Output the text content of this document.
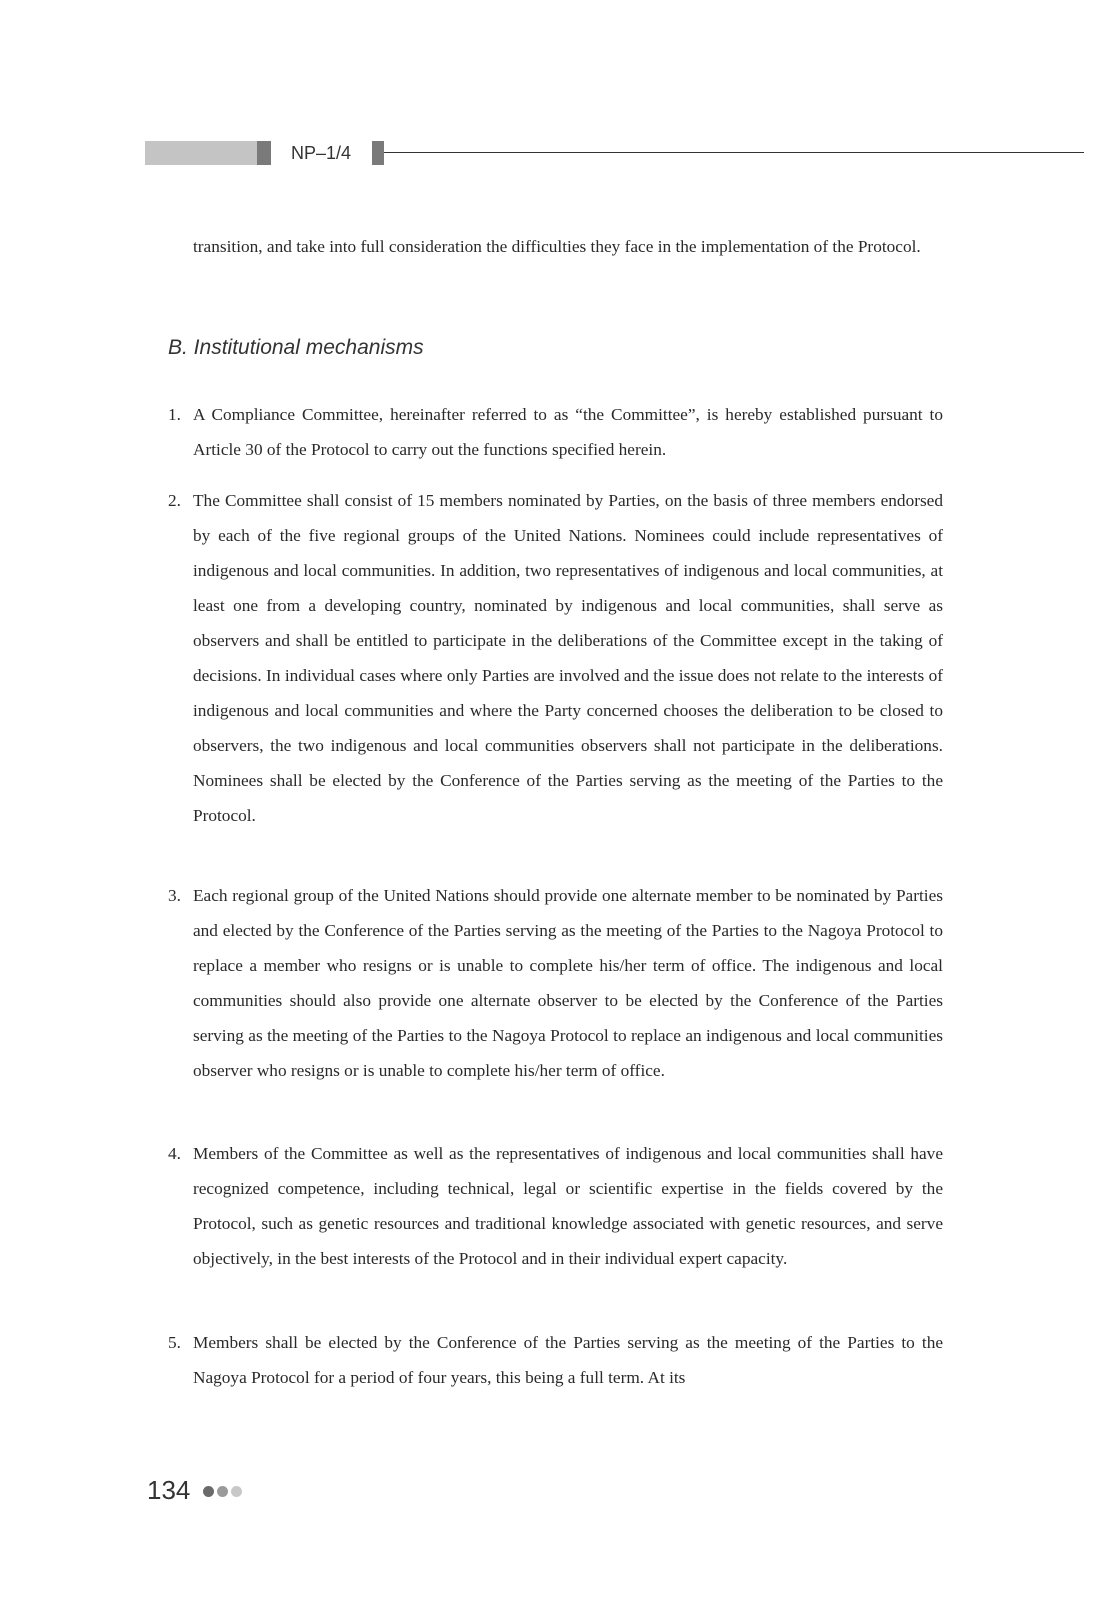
NP–1/4

transition, and take into full consideration the difficulties they face in the implementation of the Protocol.

B. Institutional mechanisms
1. A Compliance Committee, hereinafter referred to as “the Committee”, is hereby established pursuant to Article 30 of the Protocol to carry out the functions specified herein.

2. The Committee shall consist of 15 members nominated by Parties, on the basis of three members endorsed by each of the five regional groups of the United Nations. Nominees could include representatives of indigenous and local communities. In addition, two representatives of indigenous and local communities, at least one from a developing country, nominated by indigenous and local communities, shall serve as observers and shall be entitled to participate in the deliberations of the Committee except in the taking of decisions. In individual cases where only Parties are involved and the issue does not relate to the interests of indigenous and local communities and where the Party concerned chooses the deliberation to be closed to observers, the two indigenous and local communities observers shall not participate in the deliberations. Nominees shall be elected by the Conference of the Parties serving as the meeting of the Parties to the Protocol.

3. Each regional group of the United Nations should provide one alternate member to be nominated by Parties and elected by the Conference of the Parties serving as the meeting of the Parties to the Nagoya Protocol to replace a member who resigns or is unable to complete his/her term of office. The indigenous and local communities should also provide one alternate observer to be elected by the Conference of the Parties serving as the meeting of the Parties to the Nagoya Protocol to replace an indigenous and local communities observer who resigns or is unable to complete his/her term of office.

4. Members of the Committee as well as the representatives of indigenous and local communities shall have recognized competence, including technical, legal or scientific expertise in the fields covered by the Protocol, such as genetic resources and traditional knowledge associated with genetic resources, and serve objectively, in the best interests of the Protocol and in their individual expert capacity.

5. Members shall be elected by the Conference of the Parties serving as the meeting of the Parties to the Nagoya Protocol for a period of four years, this being a full term. At its

134
